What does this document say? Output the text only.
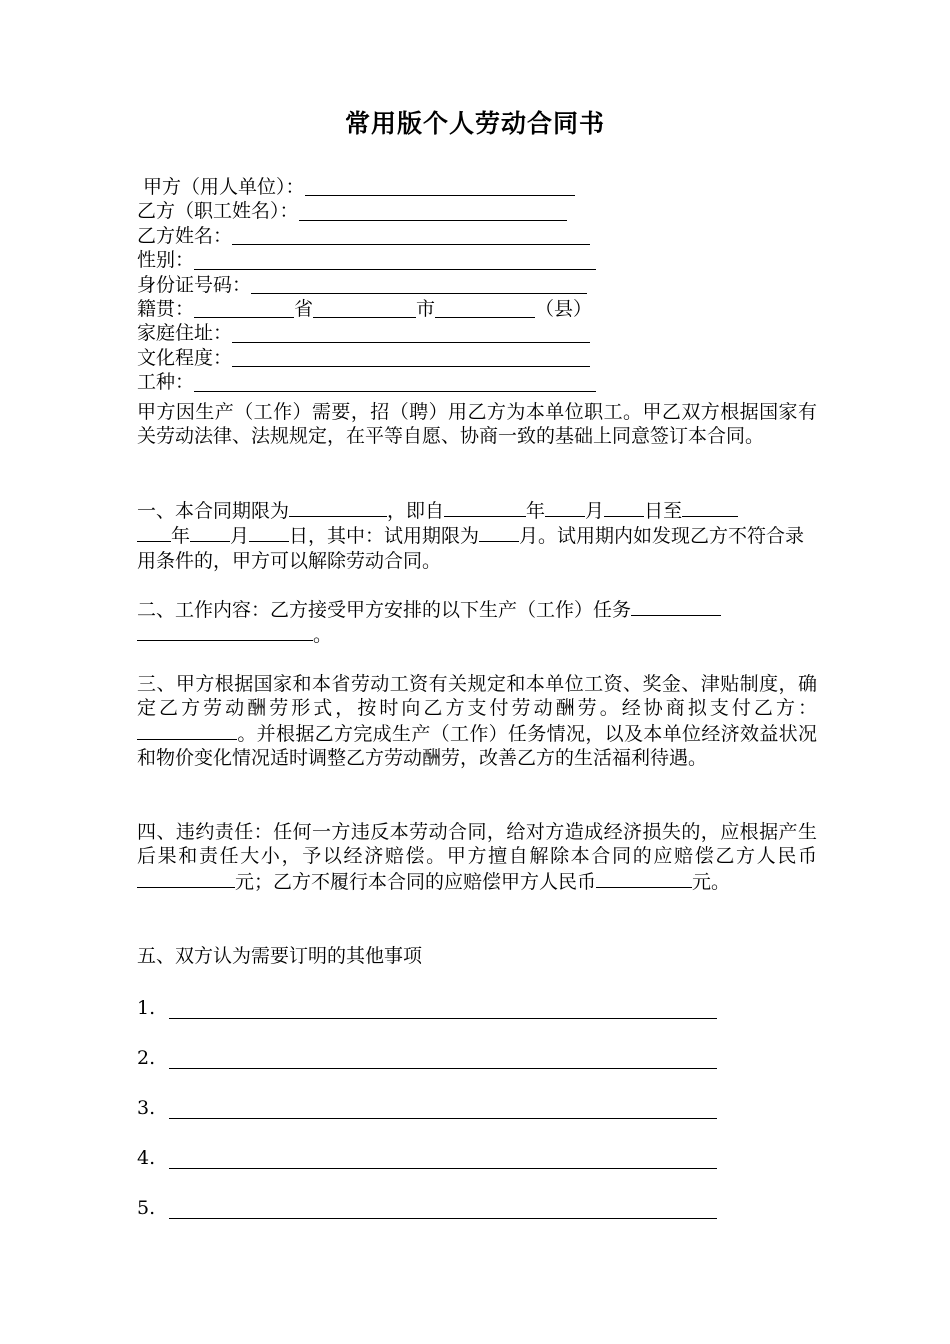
常用版个人劳动合同书
甲方（用人单位）：
乙方（职工姓名）：
乙方姓名：
性别：
身份证号码：
籍贯：	省	市	（县）
家庭住址：
文化程度：
工种：
甲方因生产（工作）需要，招（聘）用乙方为本单位职工。甲乙双方根据国家有关劳动法律、法规规定，在平等自愿、协商一致的基础上同意签订本合同。
一、本合同期限为	，即自	年 月 日至
年 月 日，其中：试用期限为 月。试用期内如发现乙方不符合录用条件的，甲方可以解除劳动合同。
二、工作内容：乙方接受甲方安排的以下生产（工作）任务
。
三、甲方根据国家和本省劳动工资有关规定和本单位工资、奖金、津贴制度，确定乙方劳动酬劳形式，按时向乙方支付劳动酬劳。经协商拟支付乙方：。并根据乙方完成生产（工作）任务情况，以及本单位经济效益状况和物价变化情况适时调整乙方劳动酬劳，改善乙方的生活福利待遇。
四、违约责任：任何一方违反本劳动合同，给对方造成经济损失的，应根据产生后果和责任大小，予以经济赔偿。甲方擅自解除本合同的应赔偿乙方人民币元；乙方不履行本合同的应赔偿甲方人民币	元。
五、双方认为需要订明的其他事项
1.
2.
3.
4.
5.
